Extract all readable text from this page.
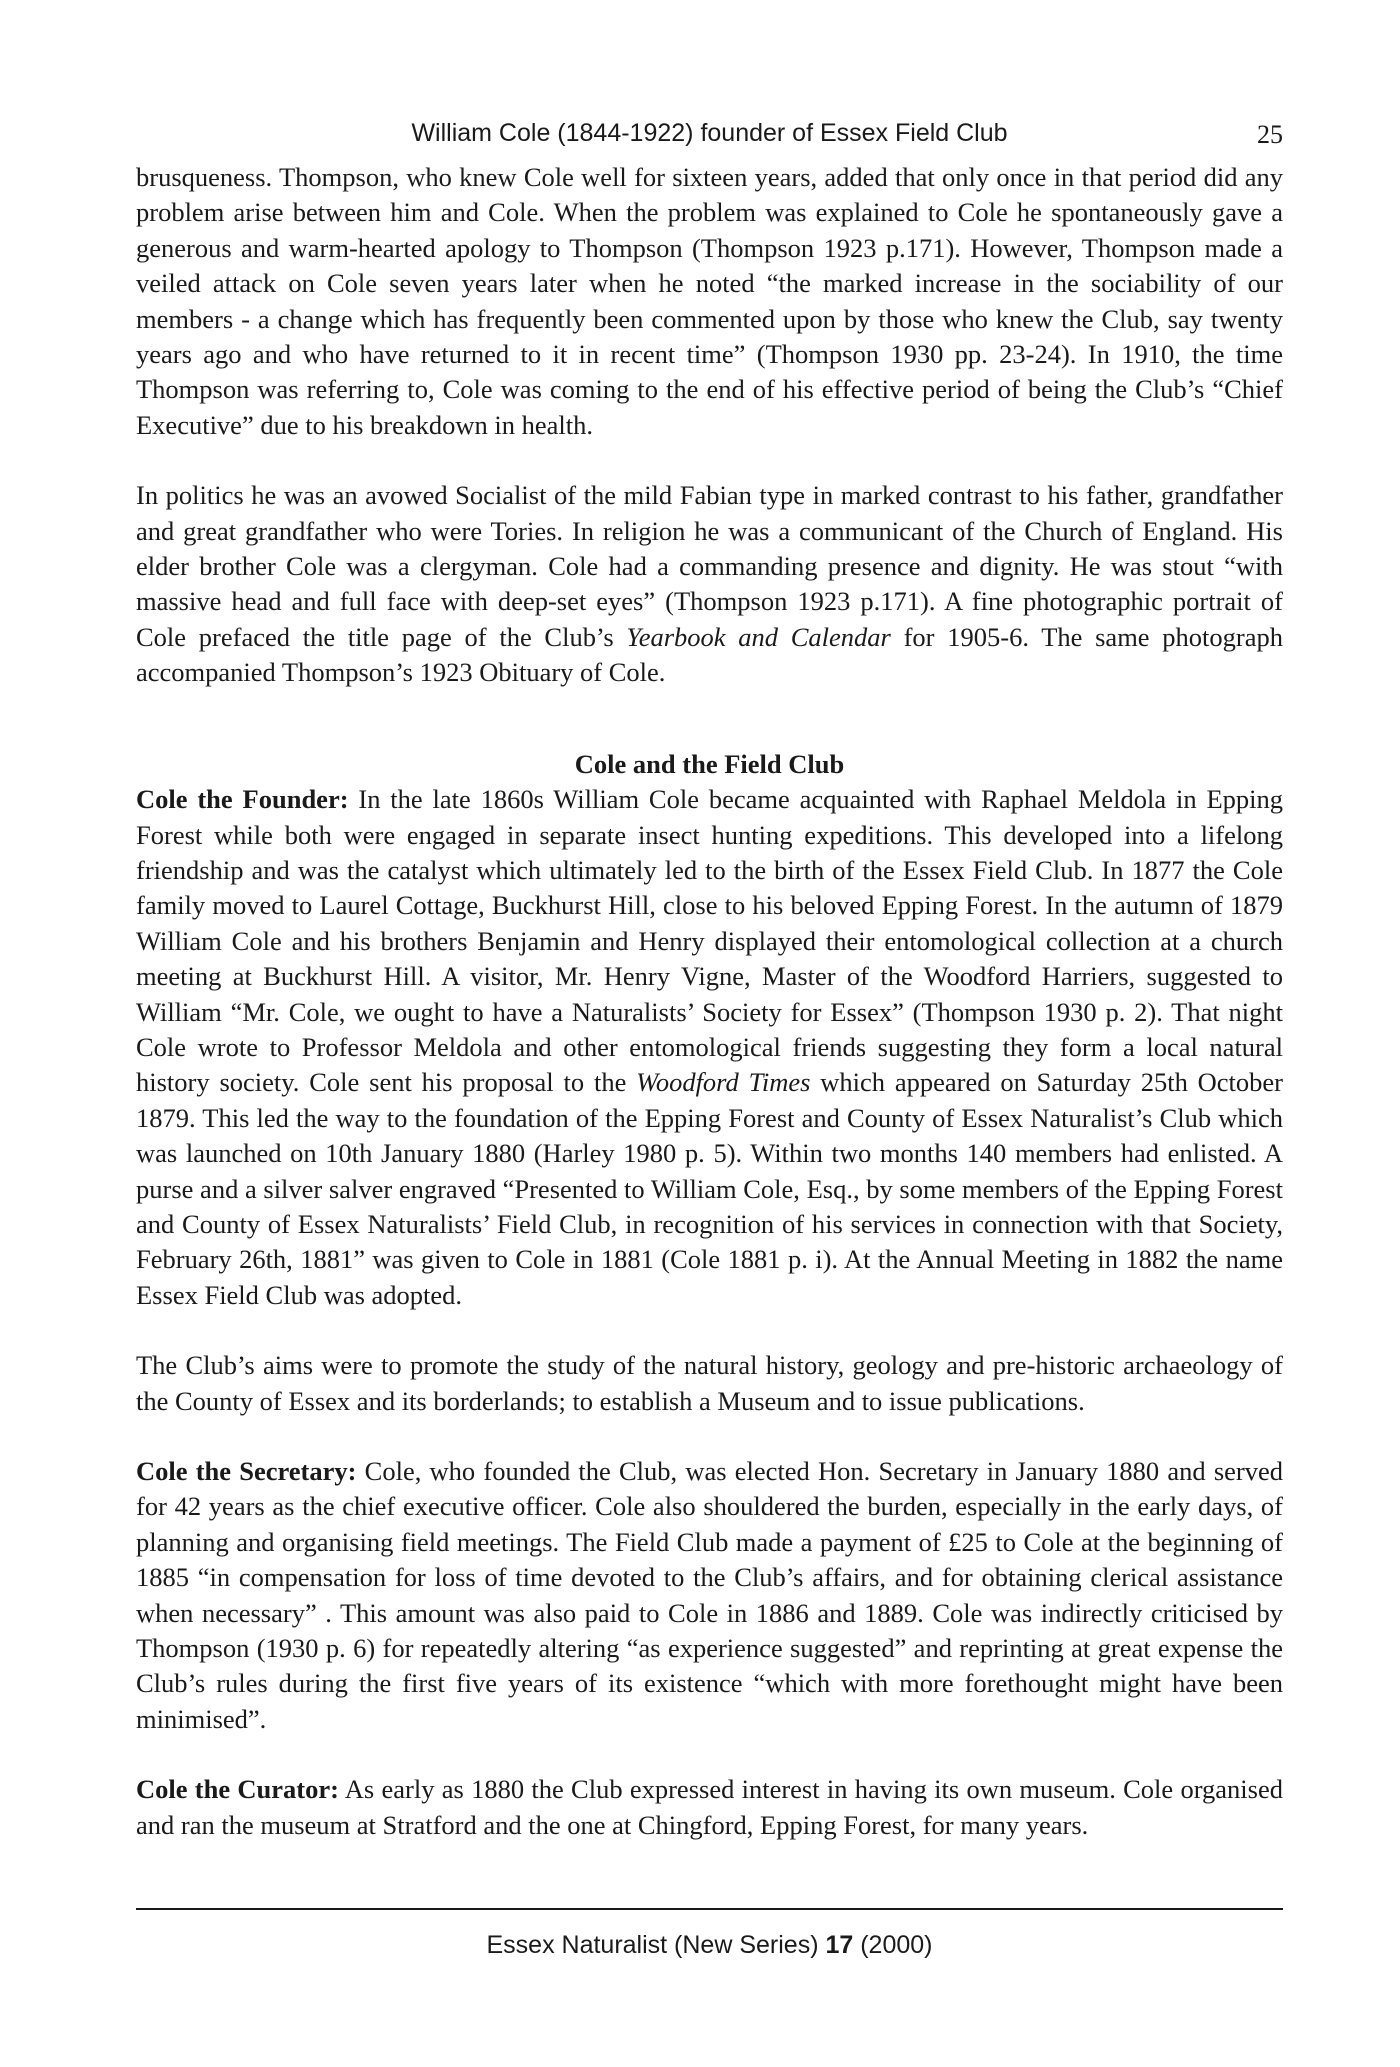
William Cole (1844-1922) founder of Essex Field Club	25

brusqueness. Thompson, who knew Cole well for sixteen years, added that only once in that period did any problem arise between him and Cole. When the problem was explained to Cole he spontaneously gave a generous and warm-hearted apology to Thompson (Thompson 1923 p.171). However, Thompson made a veiled attack on Cole seven years later when he noted “the marked increase in the sociability of our members - a change which has frequently been commented upon by those who knew the Club, say twenty years ago and who have returned to it in recent time” (Thompson 1930 pp. 23-24). In 1910, the time Thompson was referring to, Cole was coming to the end of his effective period of being the Club’s “Chief Executive” due to his breakdown in health.

In politics he was an avowed Socialist of the mild Fabian type in marked contrast to his father, grandfather and great grandfather who were Tories. In religion he was a communicant of the Church of England. His elder brother Cole was a clergyman. Cole had a commanding presence and dignity. He was stout “with massive head and full face with deep-set eyes” (Thompson 1923 p.171). A fine photographic portrait of Cole prefaced the title page of the Club’s Yearbook and Calendar for 1905-6. The same photograph accompanied Thompson’s 1923 Obituary of Cole.

Cole and the Field Club

Cole the Founder: In the late 1860s William Cole became acquainted with Raphael Meldola in Epping Forest while both were engaged in separate insect hunting expeditions. This developed into a lifelong friendship and was the catalyst which ultimately led to the birth of the Essex Field Club. In 1877 the Cole family moved to Laurel Cottage, Buckhurst Hill, close to his beloved Epping Forest. In the autumn of 1879 William Cole and his brothers Benjamin and Henry displayed their entomological collection at a church meeting at Buckhurst Hill. A visitor, Mr. Henry Vigne, Master of the Woodford Harriers, suggested to William “Mr. Cole, we ought to have a Naturalists’ Society for Essex” (Thompson 1930 p. 2). That night Cole wrote to Professor Meldola and other entomological friends suggesting they form a local natural history society. Cole sent his proposal to the Woodford Times which appeared on Saturday 25th October 1879. This led the way to the foundation of the Epping Forest and County of Essex Naturalist’s Club which was launched on 10th January 1880 (Harley 1980 p. 5). Within two months 140 members had enlisted. A purse and a silver salver engraved “Presented to William Cole, Esq., by some members of the Epping Forest and County of Essex Naturalists’ Field Club, in recognition of his services in connection with that Society, February 26th, 1881” was given to Cole in 1881 (Cole 1881 p. i). At the Annual Meeting in 1882 the name Essex Field Club was adopted.

The Club’s aims were to promote the study of the natural history, geology and pre-historic archaeology of the County of Essex and its borderlands; to establish a Museum and to issue publications.

Cole the Secretary: Cole, who founded the Club, was elected Hon. Secretary in January 1880 and served for 42 years as the chief executive officer. Cole also shouldered the burden, especially in the early days, of planning and organising field meetings. The Field Club made a payment of £25 to Cole at the beginning of 1885 “in compensation for loss of time devoted to the Club’s affairs, and for obtaining clerical assistance when necessary” . This amount was also paid to Cole in 1886 and 1889. Cole was indirectly criticised by Thompson (1930 p. 6) for repeatedly altering “as experience suggested” and reprinting at great expense the Club’s rules during the first five years of its existence “which with more forethought might have been minimised”.

Cole the Curator: As early as 1880 the Club expressed interest in having its own museum. Cole organised and ran the museum at Stratford and the one at Chingford, Epping Forest, for many years.

Essex Naturalist (New Series) 17 (2000)
